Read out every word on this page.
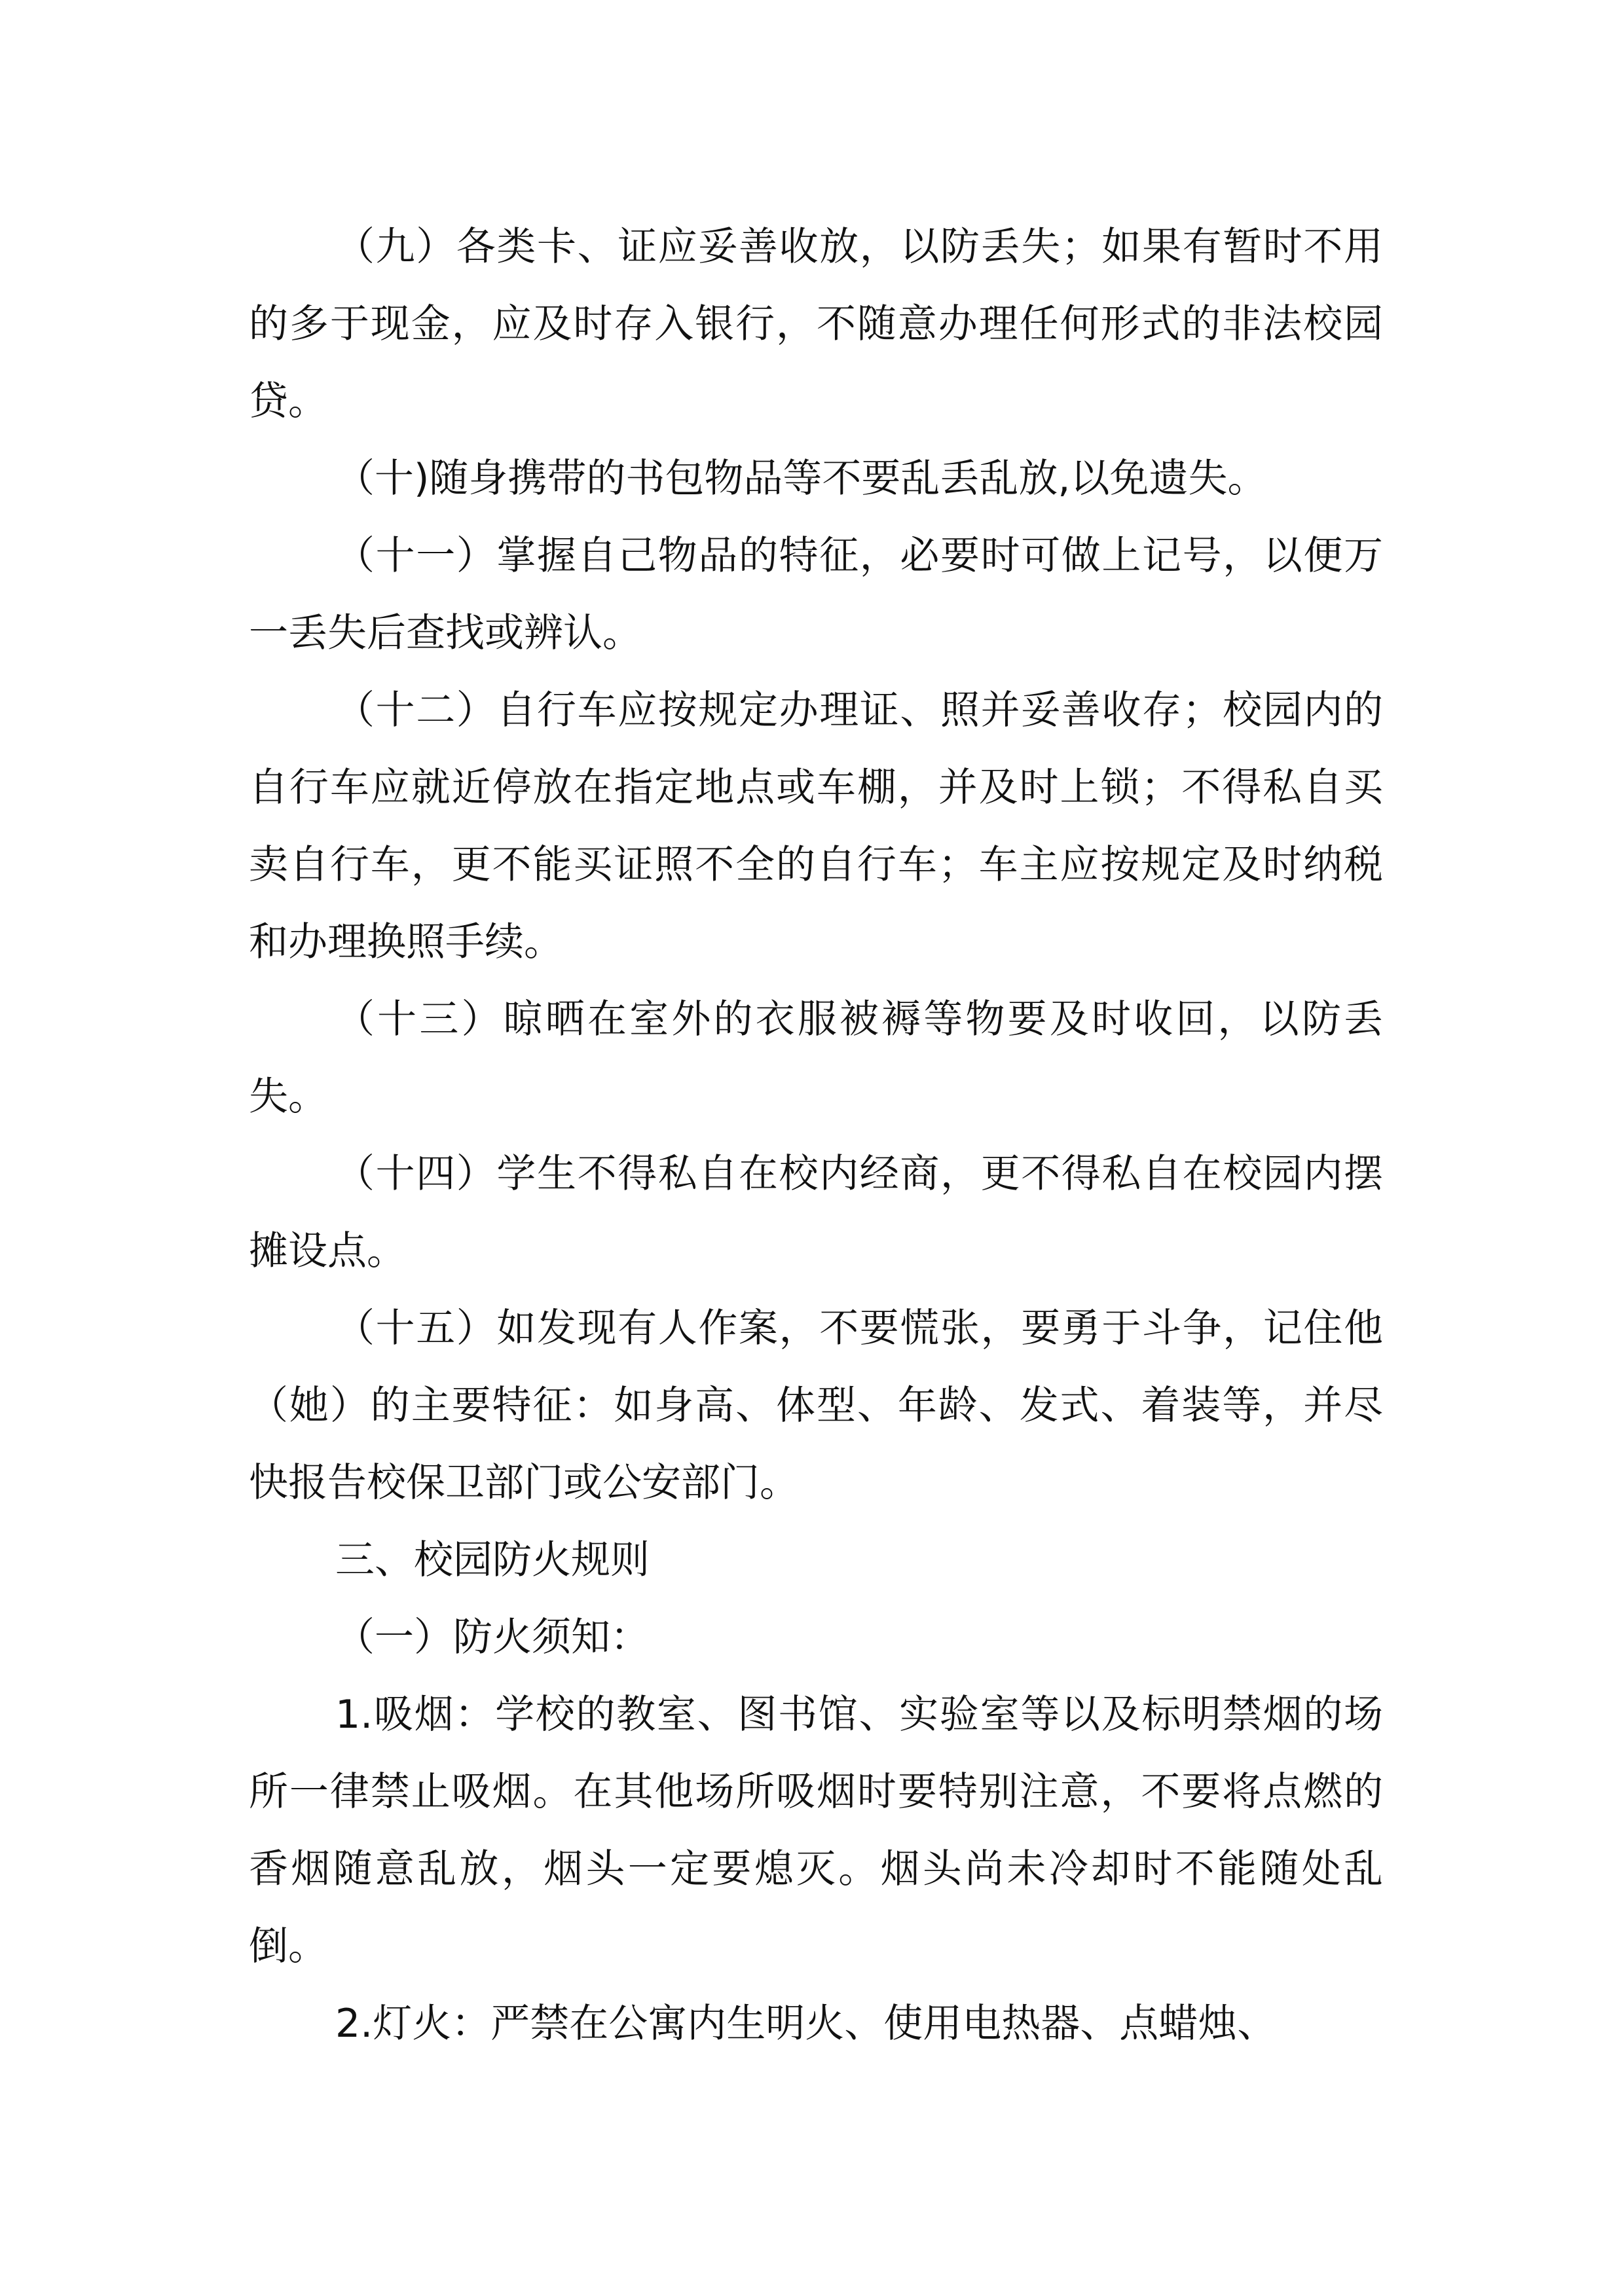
（九）各类卡、证应妥善收放，以防丢失；如果有暂时不用的多于现金，应及时存入银行，不随意办理任何形式的非法校园贷。

（十)随身携带的书包物品等不要乱丢乱放,以免遗失。

（十一）掌握自己物品的特征，必要时可做上记号，以便万一丢失后查找或辨认。

（十二）自行车应按规定办理证、照并妥善收存；校园内的自行车应就近停放在指定地点或车棚，并及时上锁；不得私自买卖自行车，更不能买证照不全的自行车；车主应按规定及时纳税和办理换照手续。

（十三）晾晒在室外的衣服被褥等物要及时收回，以防丢失。

（十四）学生不得私自在校内经商，更不得私自在校园内摆摊设点。

（十五）如发现有人作案，不要慌张，要勇于斗争，记住他（她）的主要特征：如身高、体型、年龄、发式、着装等，并尽快报告校保卫部门或公安部门。

三、校园防火规则

（一）防火须知：

1.吸烟：学校的教室、图书馆、实验室等以及标明禁烟的场所一律禁止吸烟。在其他场所吸烟时要特别注意，不要将点燃的香烟随意乱放，烟头一定要熄灭。烟头尚未冷却时不能随处乱倒。

2.灯火：严禁在公寓内生明火、使用电热器、点蜡烛、
